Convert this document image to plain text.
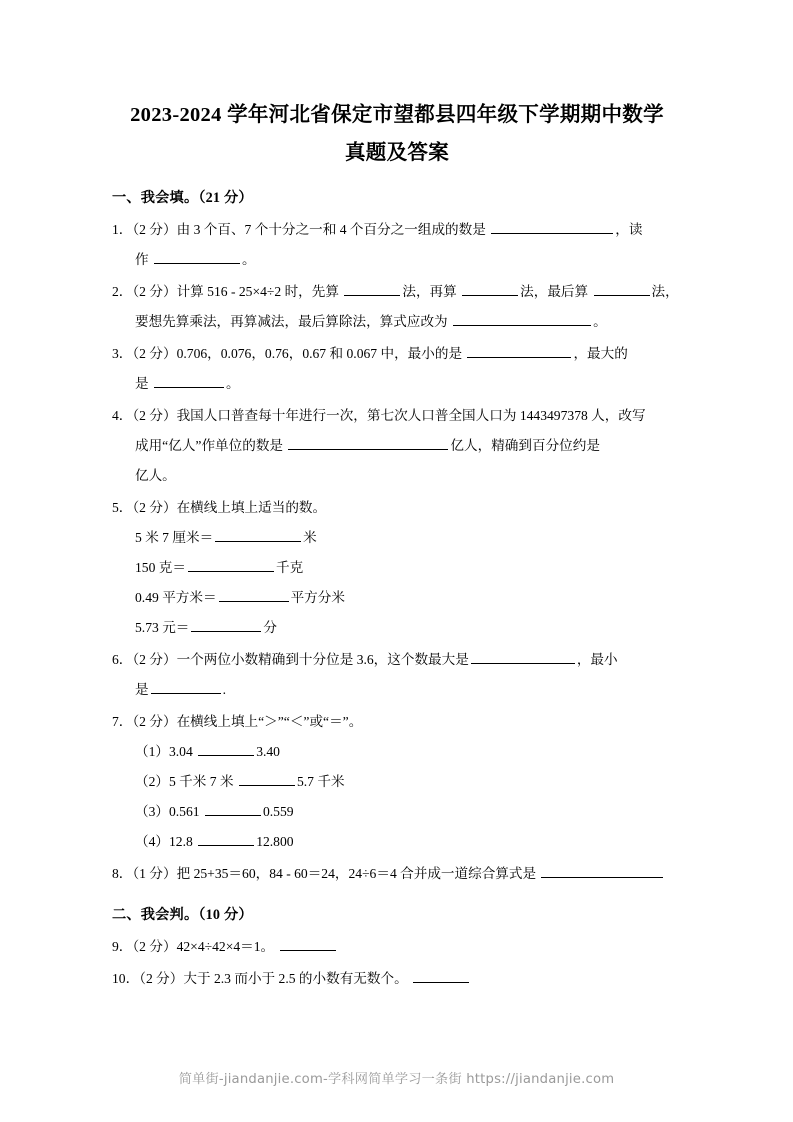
2023-2024 学年河北省保定市望都县四年级下学期期中数学
真题及答案
一、我会填。（21 分）
1．（2 分）由 3 个百、7 个十分之一和 4 个百分之一组成的数是	，读
作	。
2．（2 分）计算 516 - 25×4÷2 时，先算	法，再算	法，最后算	法，
要想先算乘法，再算减法，最后算除法，算式应改为	。
3．（2 分）0.706，0.076，0.76，0.67 和 0.067 中，最小的是	，最大的
是	。
4．（2 分）我国人口普查每十年进行一次，第七次人口普全国人口为 1443497378 人，改写
成用“亿人”作单位的数是	亿人，精确到百分位约是
亿人。
5．（2 分）在横线上填上适当的数。
5 米 7 厘米＝	米
150 克＝	千克
0.49 平方米＝	平方分米
5.73 元＝	分
6．（2 分）一个两位小数精确到十分位是 3.6，这个数最大是	，最小
是	.
7．（2 分）在横线上填上“＞”“＜”或“＝”。
（1）3.04	3.40
（2）5 千米 7 米	5.7 千米
（3）0.561	0.559
（4）12.8	12.800
8．（1 分）把 25+35＝60，84 - 60＝24，24÷6＝4 合并成一道综合算式是
二、我会判。（10 分）
9．（2 分）42×4÷42×4＝1。
10．（2 分）大于 2.3 而小于 2.5 的小数有无数个。
简单街-jiandanjie.com-学科网简单学习一条街 https://jiandanjie.com
